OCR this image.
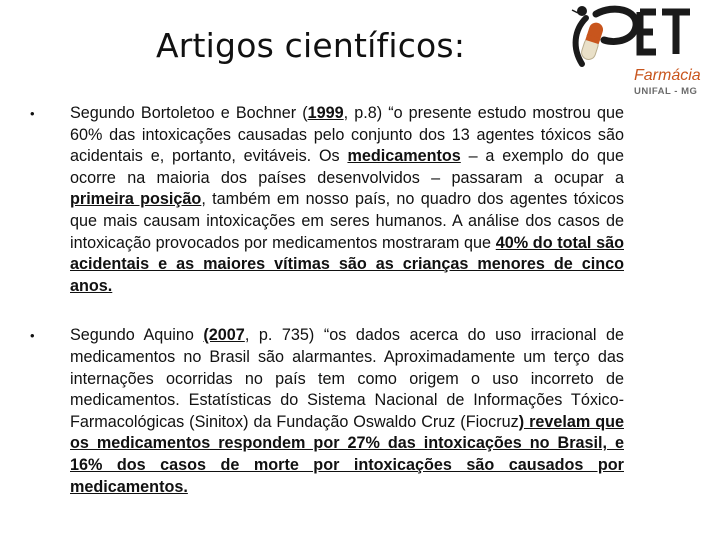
Artigos científicos:
Farmácia
UNIFAL - MG
• Segundo Bortoletoo e Bochner (1999, p.8) “o presente estudo mostrou que 60% das intoxicações causadas pelo conjunto dos 13 agentes tóxicos são acidentais e, portanto, evitáveis. Os medicamentos – a exemplo do que ocorre na maioria dos países desenvolvidos – passaram a ocupar a primeira posição, também em nosso país, no quadro dos agentes tóxicos que mais causam intoxicações em seres humanos. A análise dos casos de intoxicação provocados por medicamentos mostraram que 40% do total são acidentais e as maiores vítimas são as crianças menores de cinco anos.
• Segundo Aquino (2007, p. 735) “os dados acerca do uso irracional de medicamentos no Brasil são alarmantes. Aproximadamente um terço das internações ocorridas no país tem como origem o uso incorreto de medicamentos. Estatísticas do Sistema Nacional de Informações Tóxico-Farmacológicas (Sinitox) da Fundação Oswaldo Cruz (Fiocruz) revelam que os medicamentos respondem por 27% das intoxicações no Brasil, e 16% dos casos de morte por intoxicações são causados por medicamentos.
